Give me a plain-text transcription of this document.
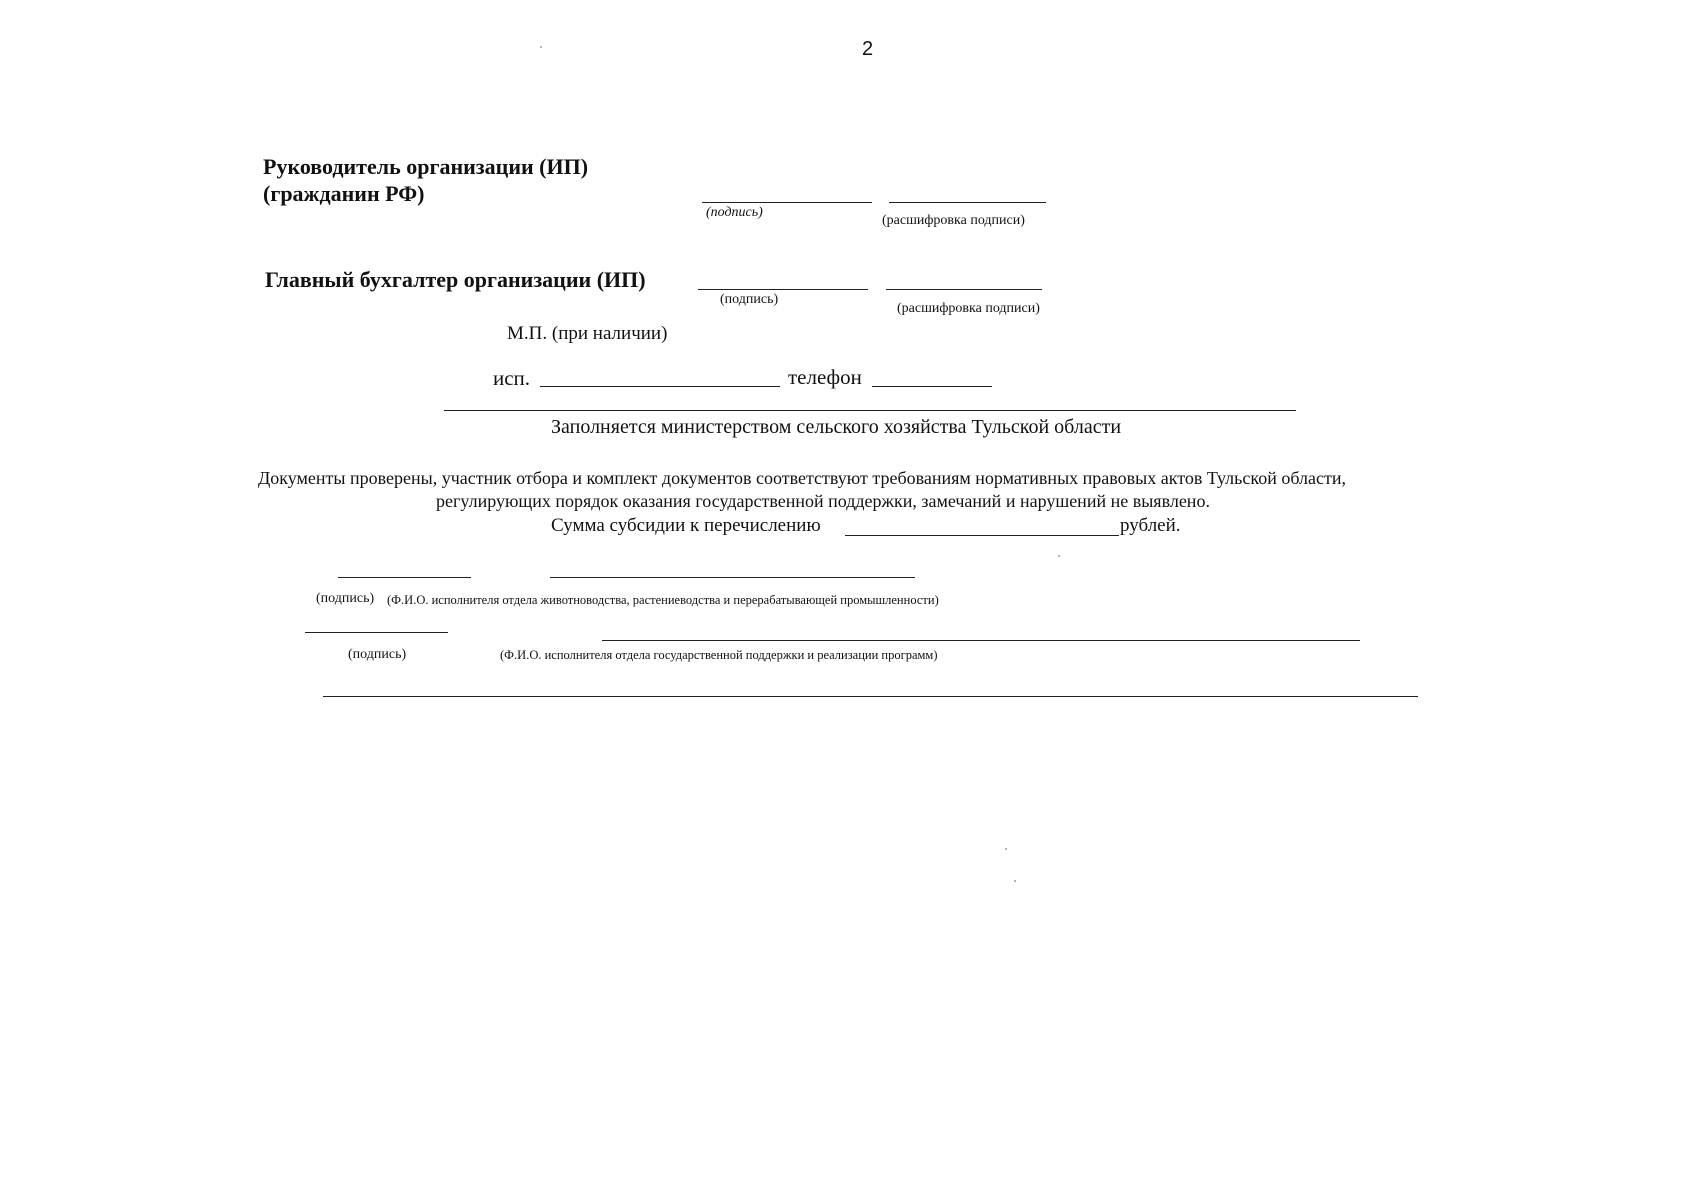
2
Руководитель организации (ИП)
(гражданин РФ)
(подпись)
(расшифровка подписи)
Главный бухгалтер организации (ИП)
(подпись)
(расшифровка подписи)
М.П. (при наличии)
исп.	телефон
Заполняется министерством сельского хозяйства Тульской области
Документы проверены, участник отбора и комплект документов соответствуют требованиям нормативных правовых актов Тульской области,
регулирующих порядок оказания государственной поддержки, замечаний и нарушений не выявлено.
Сумма субсидии к перечислению	рублей.
(подпись) (Ф.И.О. исполнителя отдела животноводства, растениеводства и перерабатывающей промышленности)
(подпись)	(Ф.И.О. исполнителя отдела государственной поддержки и реализации программ)
